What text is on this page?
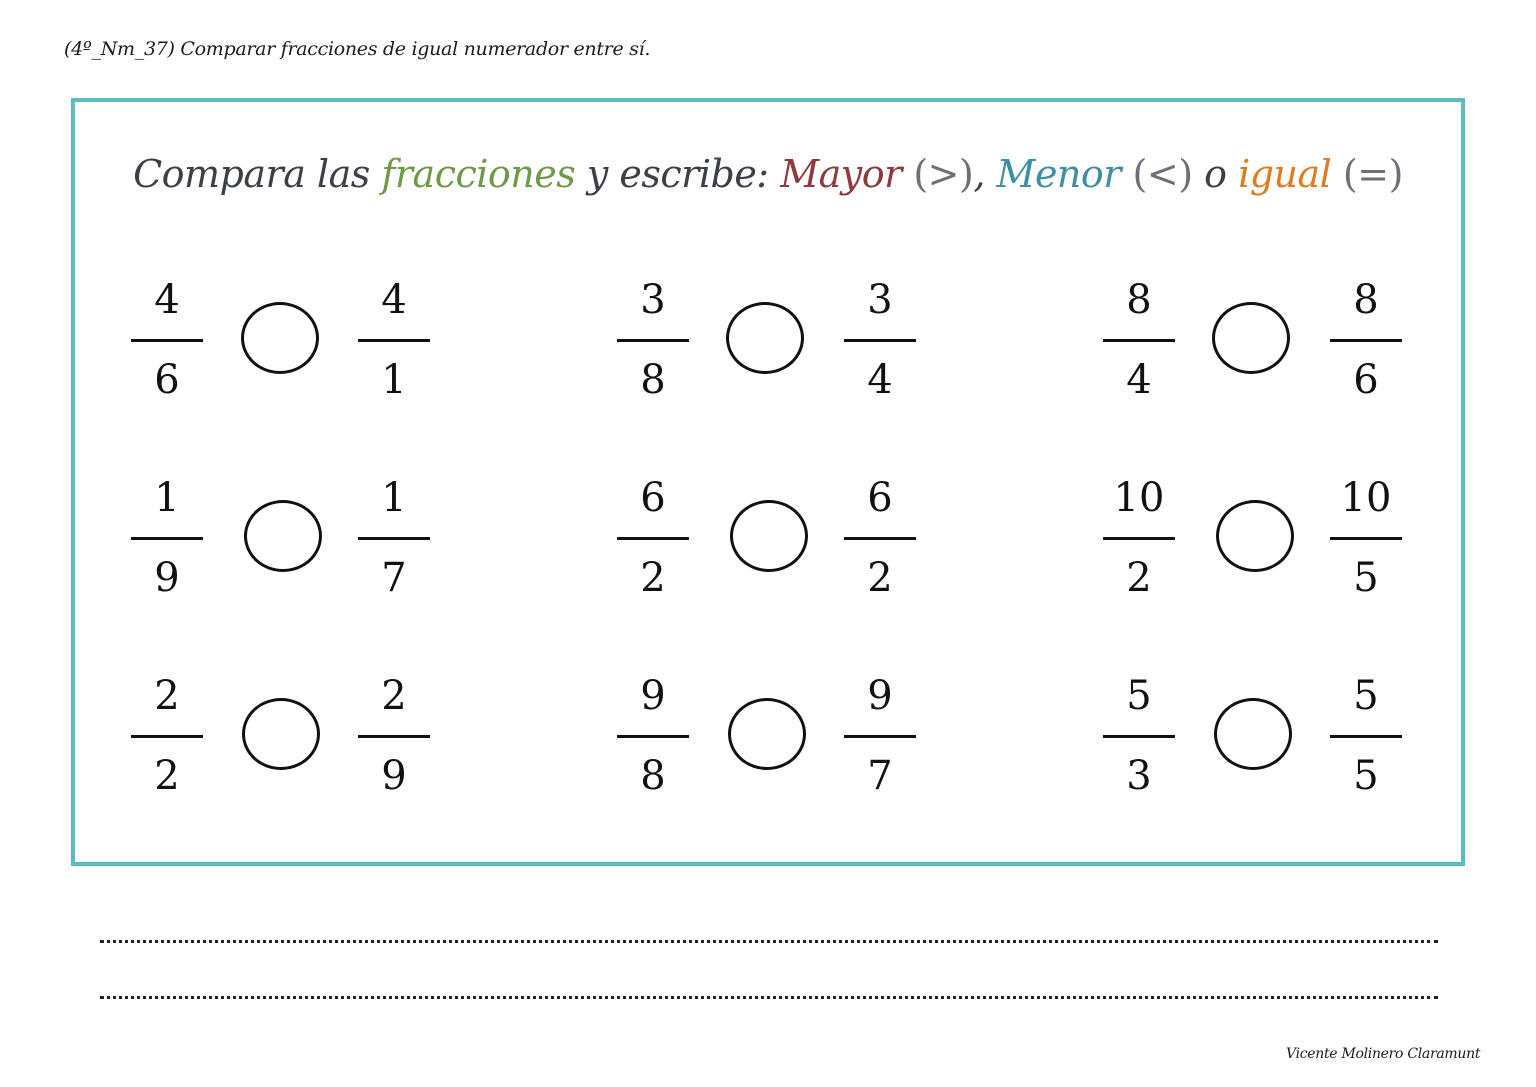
(4º_Nm_37) Comparar fracciones de igual numerador entre sí.
Compara las fracciones y escribe: Mayor (>), Menor (<) o igual (=)
4
6
4
1
3
8
3
4
8
4
8
6
1
9
1
7
6
2
6
2
10
2
10
5
2
2
2
9
9
8
9
7
5
3
5
5
Vicente Molinero Claramunt
